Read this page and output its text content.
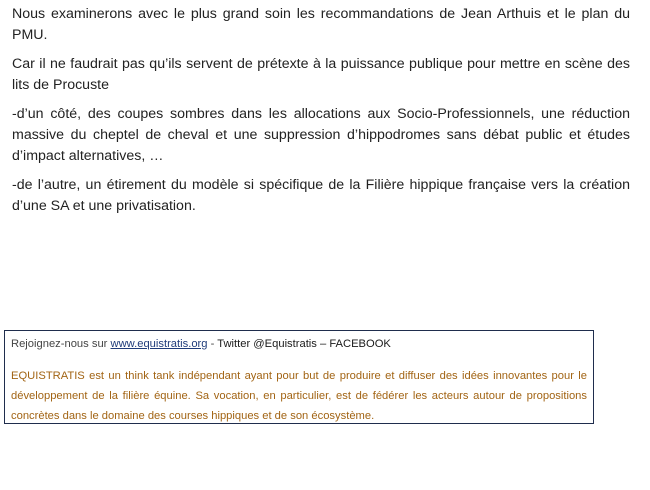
Nous examinerons avec le plus grand soin les recommandations de Jean Arthuis et le plan du PMU.

Car il ne faudrait pas qu’ils servent de prétexte à la puissance publique pour mettre en scène des lits de Procuste

-d’un côté, des coupes sombres dans les allocations aux Socio-Professionnels, une réduction massive du cheptel de cheval et une suppression d’hippodromes sans débat public et études d’impact alternatives, …

-de l’autre, un étirement du modèle si spécifique de la Filière hippique française vers la création d’une SA et une privatisation.

Rejoignez-nous sur www.equistratis.org - Twitter @Equistratis – FACEBOOK

EQUISTRATIS est un think tank indépendant ayant pour but de produire et diffuser des idées innovantes pour le développement de la filière équine. Sa vocation, en particulier, est de fédérer les acteurs autour de propositions concrètes dans le domaine des courses hippiques et de son écosystème.
